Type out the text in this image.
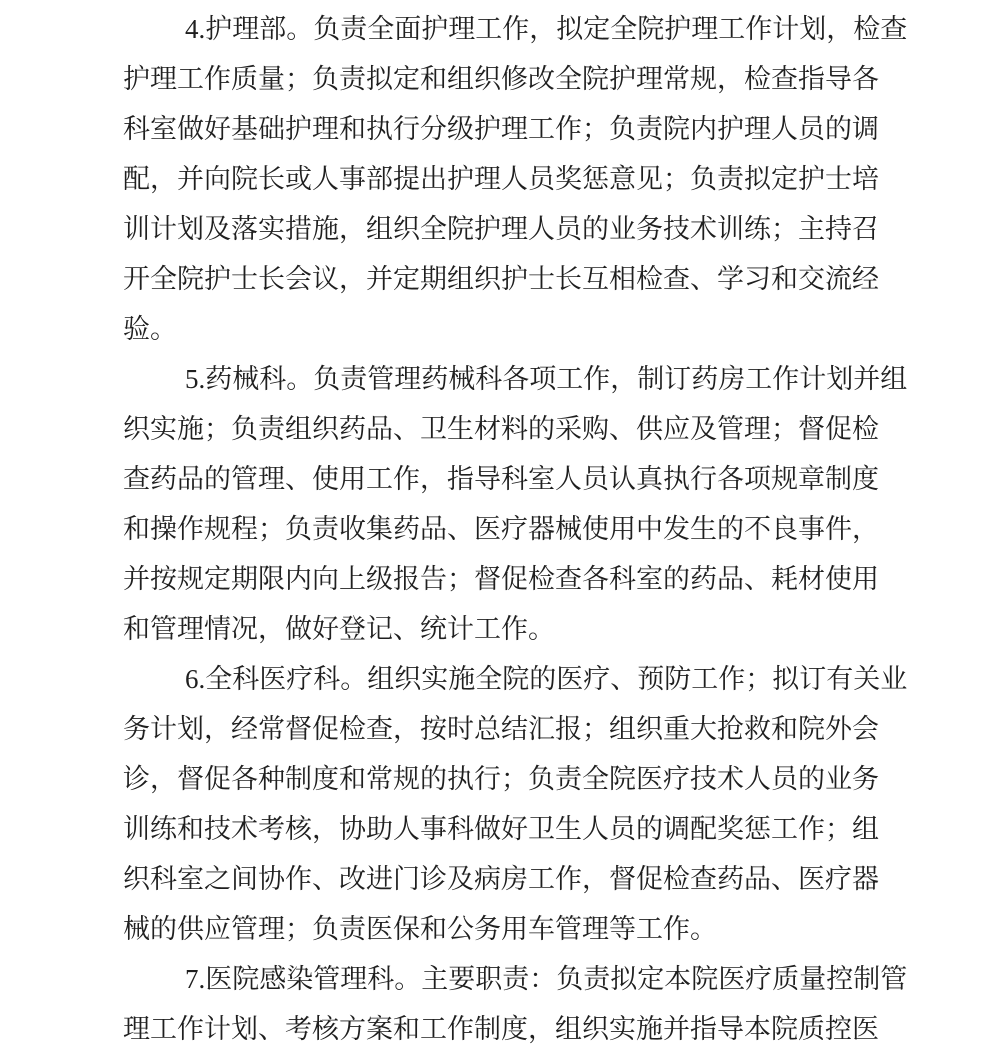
4.护理部。负责全面护理工作，拟定全院护理工作计划，检查
护理工作质量；负责拟定和组织修改全院护理常规，检查指导各
科室做好基础护理和执行分级护理工作；负责院内护理人员的调
配，并向院长或人事部提出护理人员奖惩意见；负责拟定护士培
训计划及落实措施，组织全院护理人员的业务技术训练；主持召
开全院护士长会议，并定期组织护士长互相检查、学习和交流经
验。
5.药械科。负责管理药械科各项工作，制订药房工作计划并组
织实施；负责组织药品、卫生材料的采购、供应及管理；督促检
查药品的管理、使用工作，指导科室人员认真执行各项规章制度
和操作规程；负责收集药品、医疗器械使用中发生的不良事件，
并按规定期限内向上级报告；督促检查各科室的药品、耗材使用
和管理情况，做好登记、统计工作。
6.全科医疗科。组织实施全院的医疗、预防工作；拟订有关业
务计划，经常督促检查，按时总结汇报；组织重大抢救和院外会
诊，督促各种制度和常规的执行；负责全院医疗技术人员的业务
训练和技术考核，协助人事科做好卫生人员的调配奖惩工作；组
织科室之间协作、改进门诊及病房工作，督促检查药品、医疗器
械的供应管理；负责医保和公务用车管理等工作。
7.医院感染管理科。主要职责：负责拟定本院医疗质量控制管
理工作计划、考核方案和工作制度，组织实施并指导本院质控医
